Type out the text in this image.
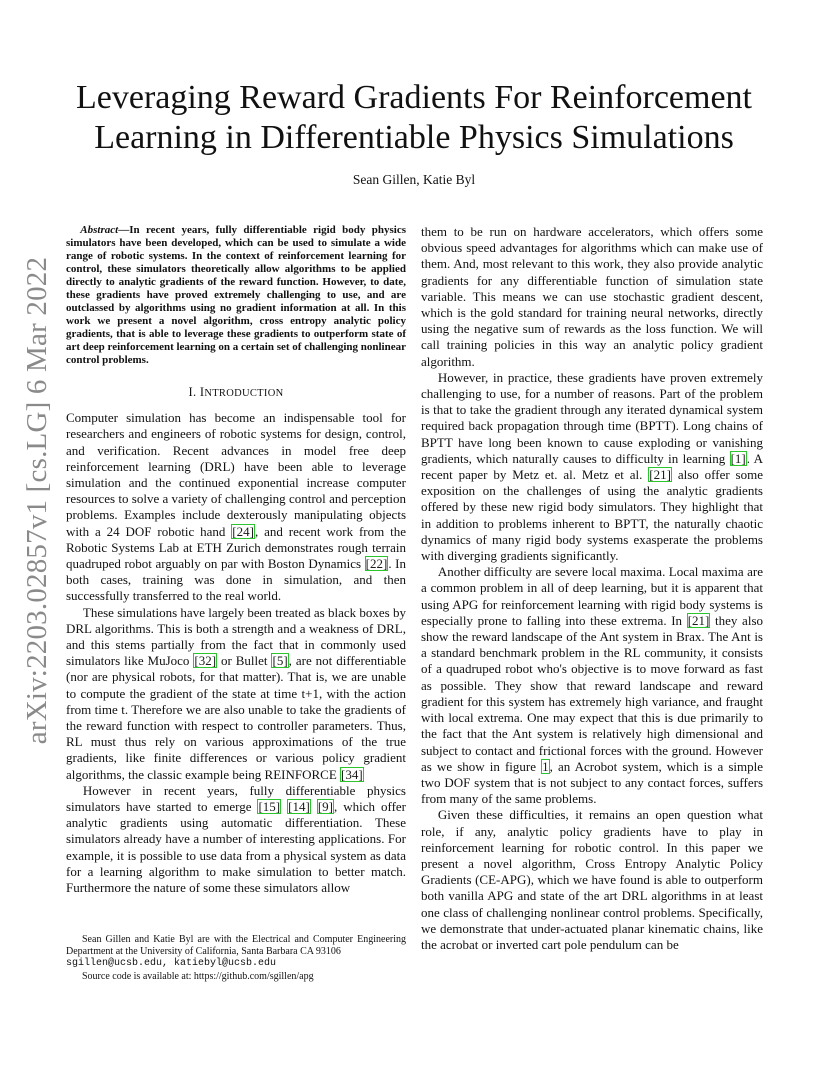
arXiv:2203.02857v1 [cs.LG] 6 Mar 2022
Leveraging Reward Gradients For Reinforcement Learning in Differentiable Physics Simulations
Sean Gillen, Katie Byl

Abstract—In recent years, fully differentiable rigid body physics simulators have been developed, which can be used to simulate a wide range of robotic systems. In the context of reinforcement learning for control, these simulators theoretically allow algorithms to be applied directly to analytic gradients of the reward function. However, to date, these gradients have proved extremely challenging to use, and are outclassed by algorithms using no gradient information at all. In this work we present a novel algorithm, cross entropy analytic policy gradients, that is able to leverage these gradients to outperform state of art deep reinforcement learning on a certain set of challenging nonlinear control problems.

I. INTRODUCTION

Computer simulation has become an indispensable tool for researchers and engineers of robotic systems for design, control, and verification. Recent advances in model free deep reinforcement learning (DRL) have been able to leverage simulation and the continued exponential increase computer resources to solve a variety of challenging control and perception problems. Examples include dexterously manipulating objects with a 24 DOF robotic hand [24], and recent work from the Robotic Systems Lab at ETH Zurich demonstrates rough terrain quadruped robot arguably on par with Boston Dynamics [22]. In both cases, training was done in simulation, and then successfully transferred to the real world.

These simulations have largely been treated as black boxes by DRL algorithms. This is both a strength and a weakness of DRL, and this stems partially from the fact that in commonly used simulators like MuJoco [32] or Bullet [5], are not differentiable (nor are physical robots, for that matter). That is, we are unable to compute the gradient of the state at time t+1, with the action from time t. Therefore we are also unable to take the gradients of the reward function with respect to controller parameters. Thus, RL must thus rely on various approximations of the true gradients, like finite differences or various policy gradient algorithms, the classic example being REINFORCE [34]

However in recent years, fully differentiable physics simulators have started to emerge [15] [14] [9], which offer analytic gradients using automatic differentiation. These simulators already have a number of interesting applications. For example, it is possible to use data from a physical system as data for a learning algorithm to make simulation to better match. Furthermore the nature of some these simulators allow

Sean Gillen and Katie Byl are with the Electrical and Computer Engineering Department at the University of California, Santa Barbara CA 93106

sgillen@ucsb.edu, katiebyl@ucsb.edu

Source code is available at: https://github.com/sgillen/apg

them to be run on hardware accelerators, which offers some obvious speed advantages for algorithms which can make use of them. And, most relevant to this work, they also provide analytic gradients for any differentiable function of simulation state variable. This means we can use stochastic gradient descent, which is the gold standard for training neural networks, directly using the negative sum of rewards as the loss function. We will call training policies in this way an analytic policy gradient algorithm.

However, in practice, these gradients have proven extremely challenging to use, for a number of reasons. Part of the problem is that to take the gradient through any iterated dynamical system required back propagation through time (BPTT). Long chains of BPTT have long been known to cause exploding or vanishing gradients, which naturally causes to difficulty in learning [1]. A recent paper by Metz et. al. Metz et al. [21] also offer some exposition on the challenges of using the analytic gradients offered by these new rigid body simulators. They highlight that in addition to problems inherent to BPTT, the naturally chaotic dynamics of many rigid body systems exasperate the problems with diverging gradients significantly.

Another difficulty are severe local maxima. Local maxima are a common problem in all of deep learning, but it is apparent that using APG for reinforcement learning with rigid body systems is especially prone to falling into these extrema. In [21] they also show the reward landscape of the Ant system in Brax. The Ant is a standard benchmark problem in the RL community, it consists of a quadruped robot who's objective is to move forward as fast as possible. They show that reward landscape and reward gradient for this system has extremely high variance, and fraught with local extrema. One may expect that this is due primarily to the fact that the Ant system is relatively high dimensional and subject to contact and frictional forces with the ground. However as we show in figure 1, an Acrobot system, which is a simple two DOF system that is not subject to any contact forces, suffers from many of the same problems.

Given these difficulties, it remains an open question what role, if any, analytic policy gradients have to play in reinforcement learning for robotic control. In this paper we present a novel algorithm, Cross Entropy Analytic Policy Gradients (CE-APG), which we have found is able to outperform both vanilla APG and state of the art DRL algorithms in at least one class of challenging nonlinear control problems. Specifically, we demonstrate that under-actuated planar kinematic chains, like the acrobat or inverted cart pole pendulum can be
